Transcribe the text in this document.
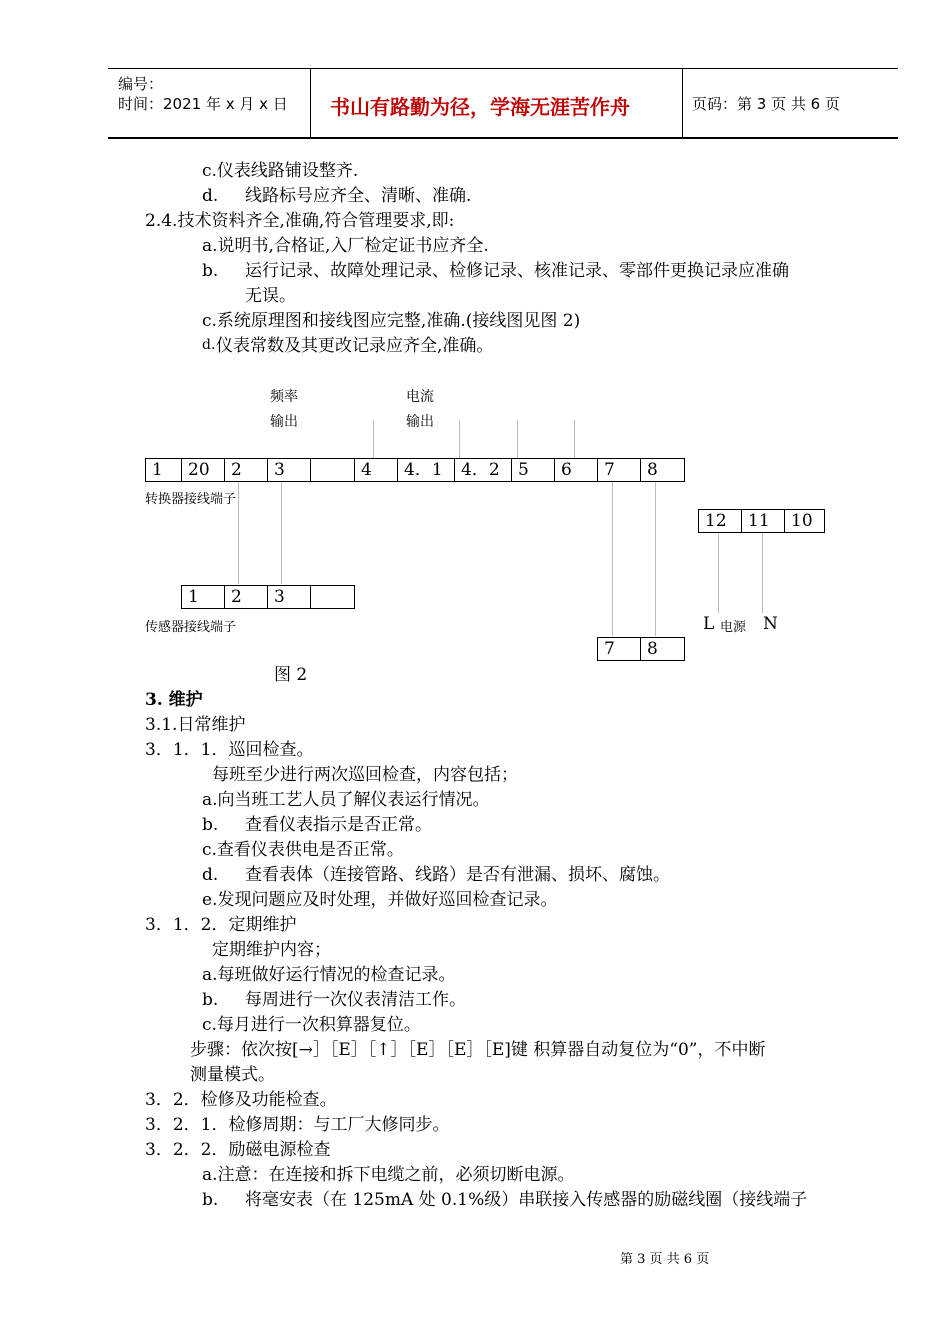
编号：
时间：2021 年 x 月 x 日 书山有路勤为径，学海无涯苦作舟	页码：第 3 页 共 6 页
c.仪表线路铺设整齐.
d. 线路标号应齐全、清晰、准确.
2.4.技术资料齐全,准确,符合管理要求,即:
a.说明书,合格证,入厂检定证书应齐全.
b. 运行记录、故障处理记录、检修记录、核准记录、零部件更换记录应准确
无误。
c.系统原理图和接线图应完整,准确.(接线图见图 2)
d. 仪表常数及其更改记录应齐全,准确。
频率
输出
电流
输出
1	20	2	3	4	4．1	4．2	5	6	7	8
转换器接线端子
12	11	10
1	2	3
传感器接线端子	L 电源 N
7	8
图 2
3. 维护
3.1.日常维护
3．1．1．巡回检查。
每班至少进行两次巡回检查，内容包括；
a.向当班工艺人员了解仪表运行情况。
b. 查看仪表指示是否正常。
c.查看仪表供电是否正常。
d. 查看表体（连接管路、线路）是否有泄漏、损坏、腐蚀。
e.发现问题应及时处理，并做好巡回检查记录。
3．1．2．定期维护
定期维护内容；
a.每班做好运行情况的检查记录。
b. 每周进行一次仪表清洁工作。
c.每月进行一次积算器复位。
步骤：依次按[→］［E］［↑］［E］［E］［E]键 积算器自动复位为“0”，不中断
测量模式。
3．2．检修及功能检查。
3．2．1．检修周期：与工厂大修同步。
3．2．2．励磁电源检查
a.注意：在连接和拆下电缆之前，必须切断电源。
b. 将毫安表（在 125mA 处 0.1%级）串联接入传感器的励磁线圈（接线端子
第 3 页 共 6 页
